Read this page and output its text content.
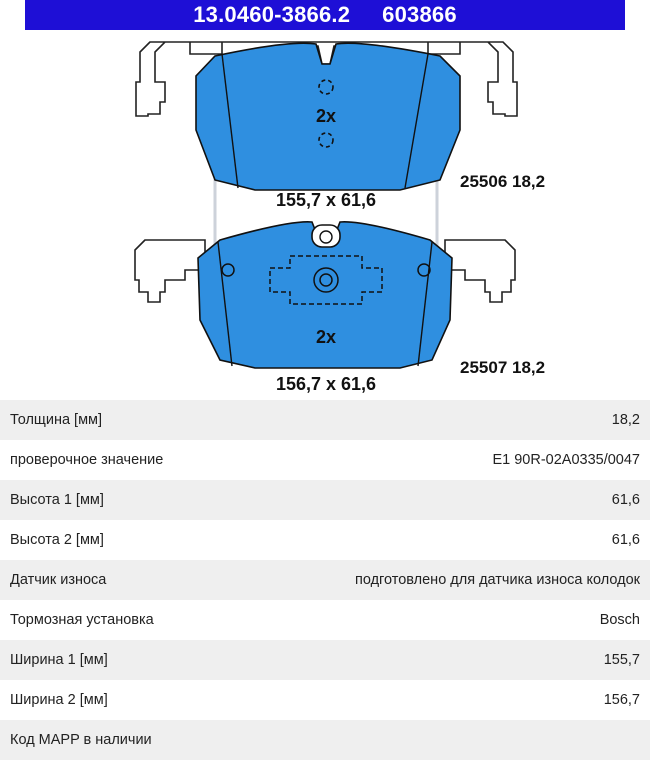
13.0460-3866.2 603866
2x
155,7 x 61,6
25506 18,2
2x
156,7 x 61,6
25507 18,2
Толщина [мм]	18,2
проверочное значение	E1 90R-02A0335/0047
Высота 1 [мм]	61,6
Высота 2 [мм]	61,6
Датчик износа	подготовлено для датчика износа колодок
Тормозная установка	Bosch
Ширина 1 [мм]	155,7
Ширина 2 [мм]	156,7
Код MAPP в наличии
